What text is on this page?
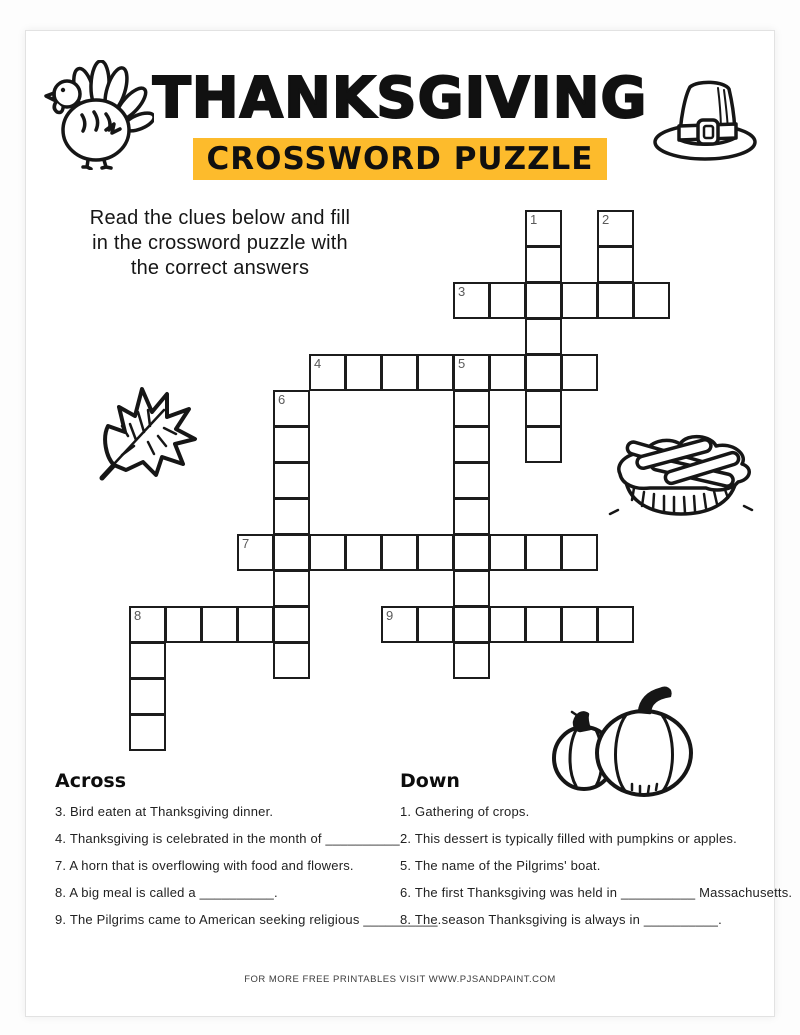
THANKSGIVING
CROSSWORD PUZZLE
Read the clues below and fill
in the crossword puzzle with
the correct answers
1	2
3
4	5
6
7
8	9
Across
3. Bird eaten at Thanksgiving dinner.
4. Thanksgiving is celebrated in the month of __________.
7. A horn that is overflowing with food and flowers.
8. A big meal is called a __________.
9. The Pilgrims came to American seeking religious __________.
Down
1. Gathering of crops.
2. This dessert is typically filled with pumpkins or apples.
5. The name of the Pilgrims' boat.
6. The first Thanksgiving was held in __________ Massachusetts.
8. The season Thanksgiving is always in __________.
FOR MORE FREE PRINTABLES VISIT WWW.PJSANDPAINT.COM
